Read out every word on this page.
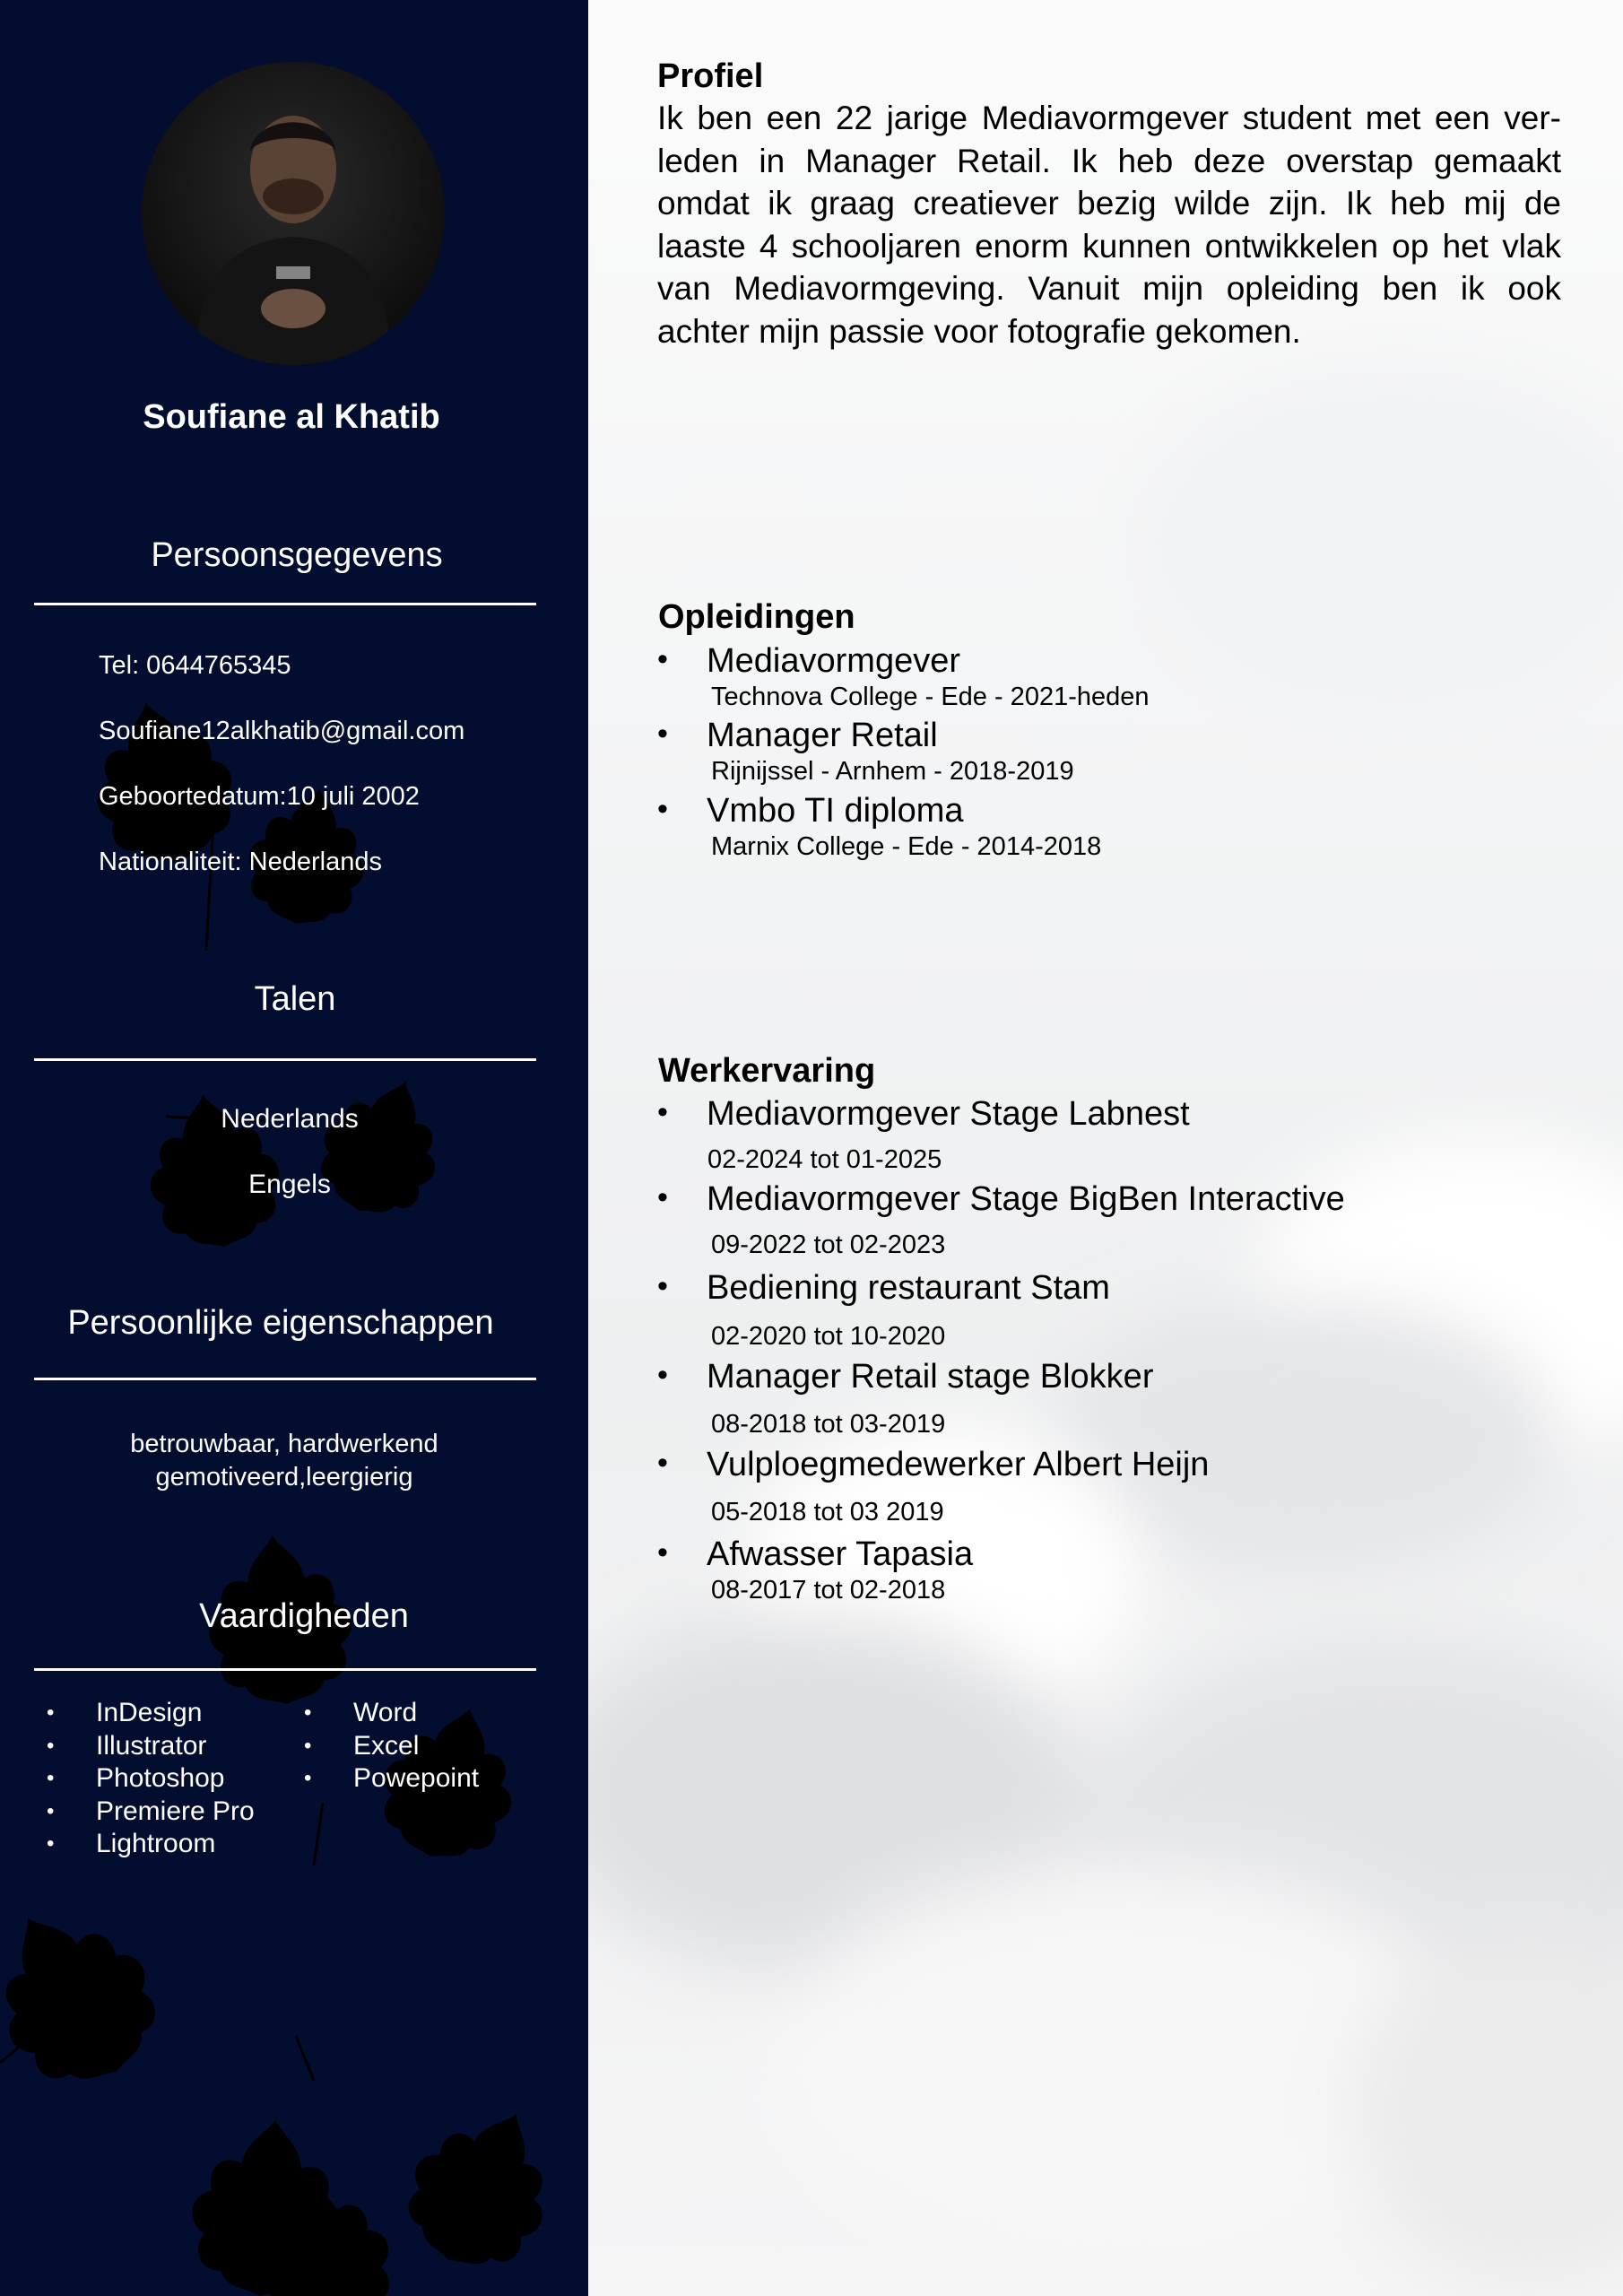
Soufiane al Khatib
Persoonsgegevens
Tel: 0644765345
Soufiane12alkhatib@gmail.com
Geboortedatum:10 juli 2002
Nationaliteit: Nederlands
Talen
Nederlands
Engels
Persoonlijke eigenschappen
betrouwbaar, hardwerkend
gemotiveerd,leergierig
Vaardigheden
• InDesign
• Illustrator
• Photoshop
• Premiere Pro
• Lightroom
• Word
• Excel
• Powepoint
Profiel
Ik ben een 22 jarige Mediavormgever student met een ver-leden in Manager Retail. Ik heb deze overstap gemaakt omdat ik graag creatiever bezig wilde zijn. Ik heb mij de laaste 4 schooljaren enorm kunnen ontwikkelen op het vlak van Mediavormgeving. Vanuit mijn opleiding ben ik ook achter mijn passie voor fotografie gekomen.
Opleidingen
• Mediavormgever
Technova College - Ede - 2021-heden
• Manager Retail
Rijnijssel - Arnhem - 2018-2019
• Vmbo TI diploma
Marnix College - Ede - 2014-2018
Werkervaring
• Mediavormgever Stage Labnest
02-2024 tot 01-2025
• Mediavormgever Stage BigBen Interactive
09-2022 tot 02-2023
• Bediening restaurant Stam
02-2020 tot 10-2020
• Manager Retail stage Blokker
08-2018 tot 03-2019
• Vulploegmedewerker Albert Heijn
05-2018 tot 03 2019
• Afwasser Tapasia
08-2017 tot 02-2018
